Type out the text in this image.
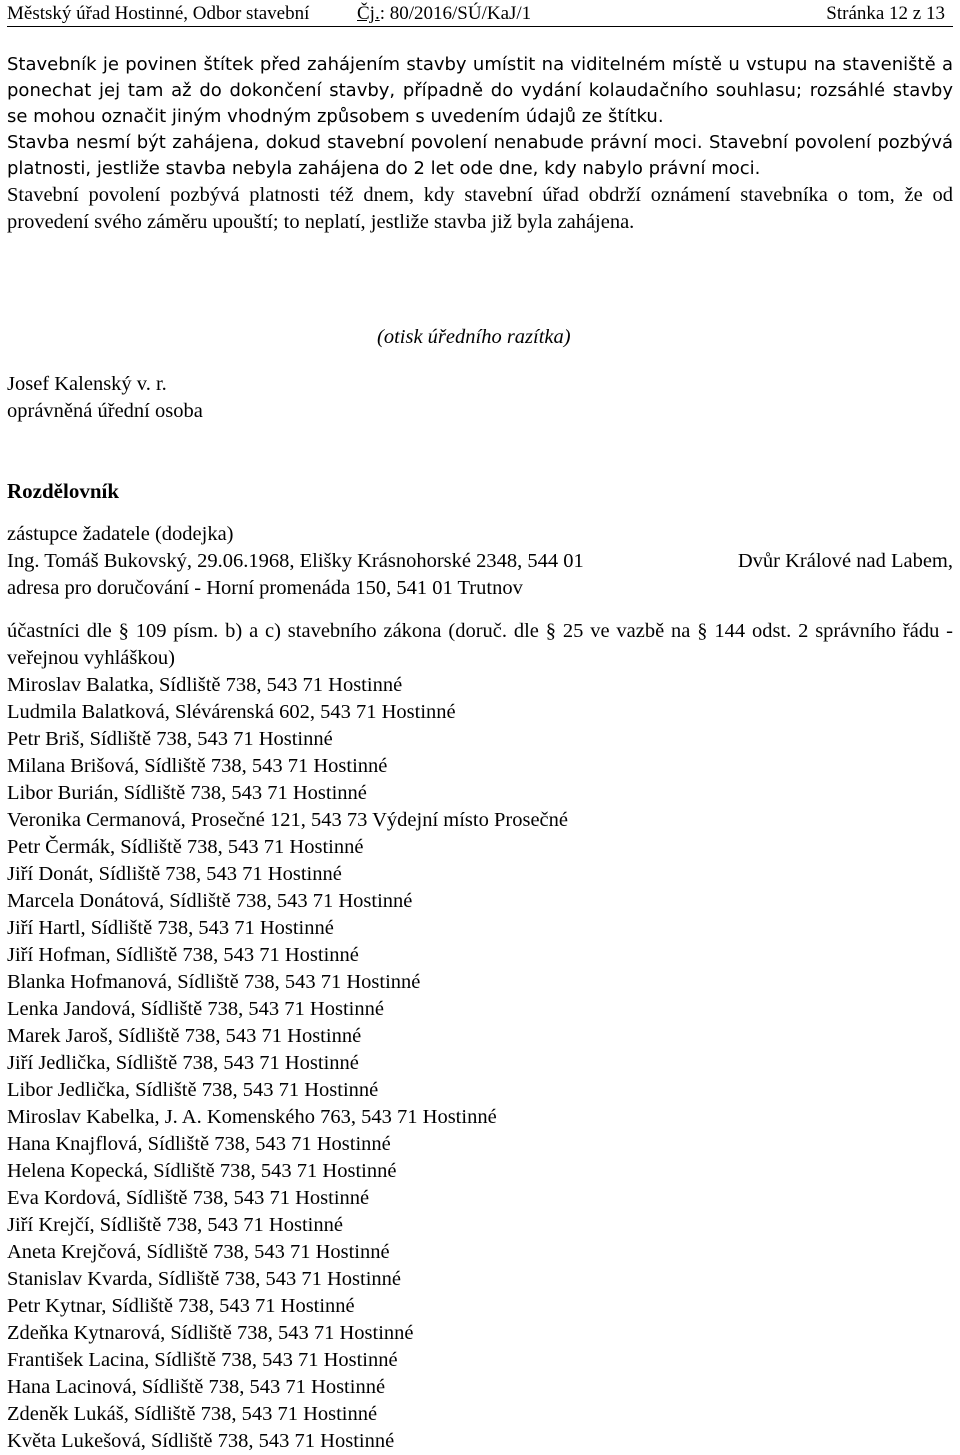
Městský úřad Hostinné, Odbor stavební	Čj.: 80/2016/SÚ/KaJ/1	Stránka 12 z 13
Stavebník je povinen štítek před zahájením stavby umístit na viditelném místě u vstupu na staveniště a ponechat jej tam až do dokončení stavby, případně do vydání kolaudačního souhlasu; rozsáhlé stavby se mohou označit jiným vhodným způsobem s uvedením údajů ze štítku.
Stavba nesmí být zahájena, dokud stavební povolení nenabude právní moci. Stavební povolení pozbývá platnosti, jestliže stavba nebyla zahájena do 2 let ode dne, kdy nabylo právní moci.
Stavební povolení pozbývá platnosti též dnem, kdy stavební úřad obdrží oznámení stavebníka o tom, že od provedení svého záměru upouští; to neplatí, jestliže stavba již byla zahájena.
(otisk úředního razítka)
Josef Kalenský v. r.
oprávněná úřední osoba
Rozdělovník
zástupce žadatele (dodejka)
Ing. Tomáš Bukovský, 29.06.1968, Elišky Krásnohorské 2348, 544 01	Dvůr Králové nad Labem,
adresa pro doručování - Horní promenáda 150, 541 01 Trutnov
účastníci dle § 109 písm. b) a c) stavebního zákona (doruč. dle § 25 ve vazbě na § 144 odst. 2 správního řádu - veřejnou vyhláškou)
Miroslav Balatka, Sídliště 738, 543 71 Hostinné
Ludmila Balatková, Slévárenská 602, 543 71 Hostinné
Petr Briš, Sídliště 738, 543 71 Hostinné
Milana Brišová, Sídliště 738, 543 71 Hostinné
Libor Burián, Sídliště 738, 543 71 Hostinné
Veronika Cermanová, Prosečné 121, 543 73 Výdejní místo Prosečné
Petr Čermák, Sídliště 738, 543 71 Hostinné
Jiří Donát, Sídliště 738, 543 71 Hostinné
Marcela Donátová, Sídliště 738, 543 71 Hostinné
Jiří Hartl, Sídliště 738, 543 71 Hostinné
Jiří Hofman, Sídliště 738, 543 71 Hostinné
Blanka Hofmanová, Sídliště 738, 543 71 Hostinné
Lenka Jandová, Sídliště 738, 543 71 Hostinné
Marek Jaroš, Sídliště 738, 543 71 Hostinné
Jiří Jedlička, Sídliště 738, 543 71 Hostinné
Libor Jedlička, Sídliště 738, 543 71 Hostinné
Miroslav Kabelka, J. A. Komenského 763, 543 71 Hostinné
Hana Knajflová, Sídliště 738, 543 71 Hostinné
Helena Kopecká, Sídliště 738, 543 71 Hostinné
Eva Kordová, Sídliště 738, 543 71 Hostinné
Jiří Krejčí, Sídliště 738, 543 71 Hostinné
Aneta Krejčová, Sídliště 738, 543 71 Hostinné
Stanislav Kvarda, Sídliště 738, 543 71 Hostinné
Petr Kytnar, Sídliště 738, 543 71 Hostinné
Zdeňka Kytnarová, Sídliště 738, 543 71 Hostinné
František Lacina, Sídliště 738, 543 71 Hostinné
Hana Lacinová, Sídliště 738, 543 71 Hostinné
Zdeněk Lukáš, Sídliště 738, 543 71 Hostinné
Květa Lukešová, Sídliště 738, 543 71 Hostinné
